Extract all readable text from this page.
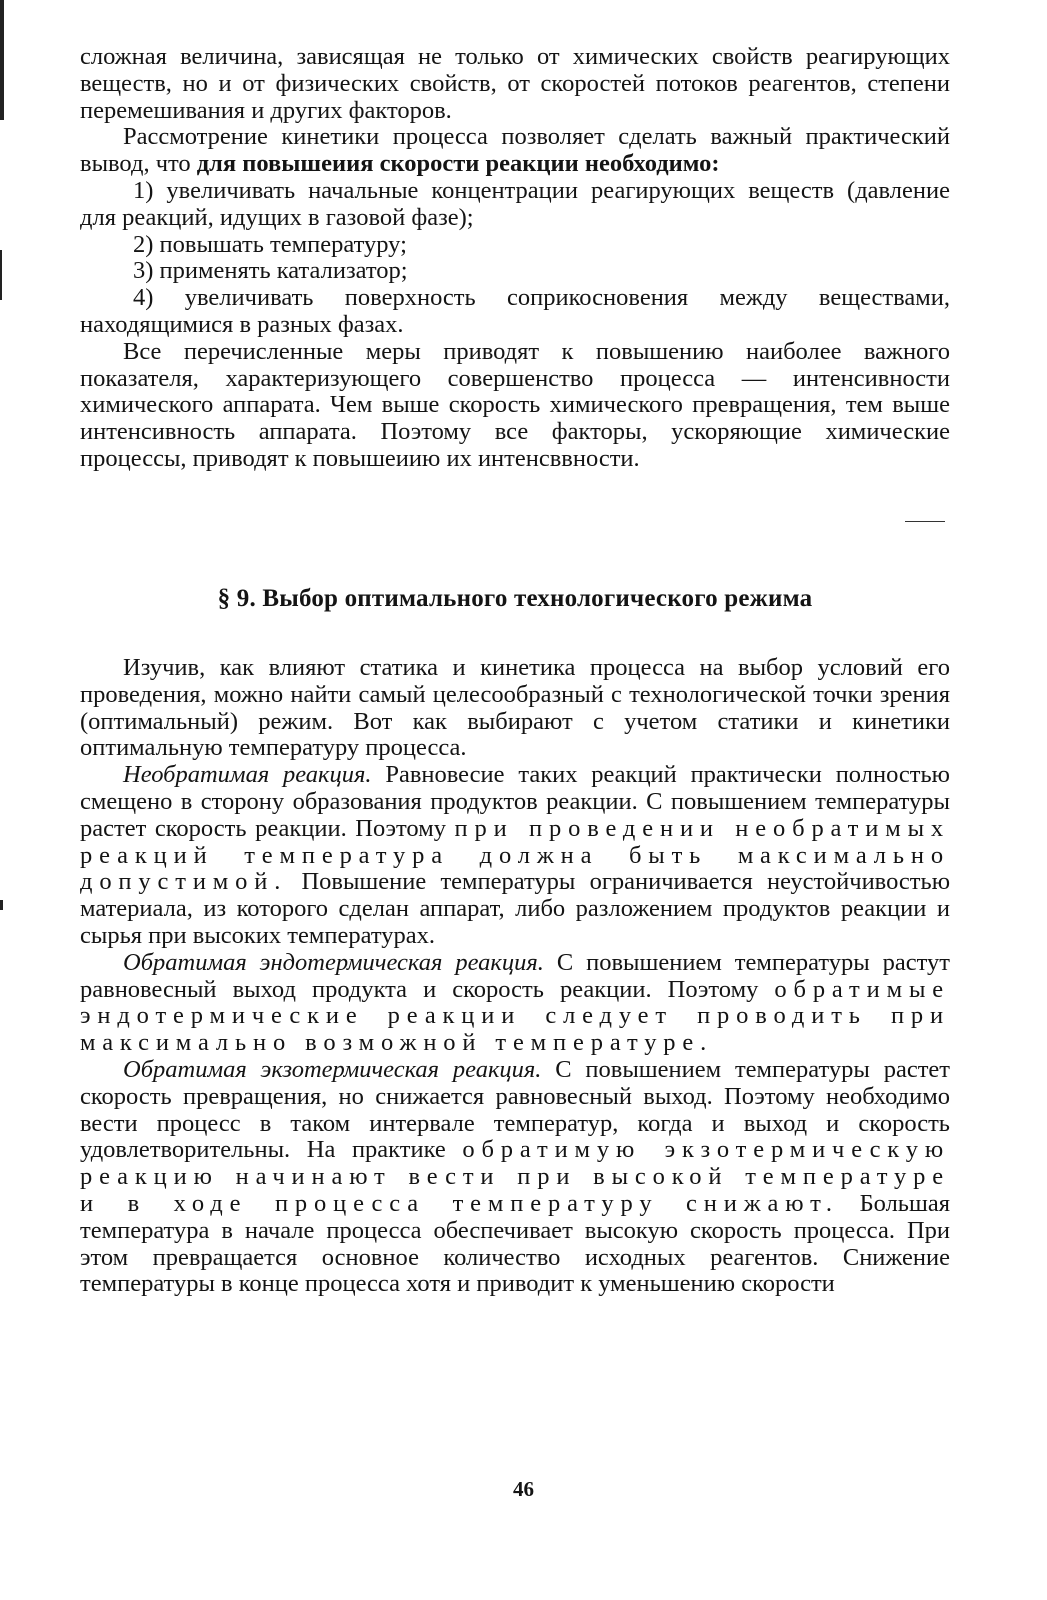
сложная величина, зависящая не только от химических свойств реагирующих веществ, но и от физических свойств, от скоростей потоков реагентов, степени перемешивания и других факторов.

Рассмотрение кинетики процесса позволяет сделать важный практический вывод, что для повышеиия скорости реакции необходимо:

1) увеличивать начальные концентрации реагирующих веществ (давление для реакций, идущих в газовой фазе);

2) повышать температуру;

3) применять катализатор;

4) увеличивать поверхность соприкосновения между веществами, находящимися в разных фазах.

Все перечисленные меры приводят к повышению наиболее важного показателя, характеризующего совершенство процесса — интенсивности химического аппарата. Чем выше скорость химического превращения, тем выше интенсивность аппарата. Поэтому все факторы, ускоряющие химические процессы, приводят к повышеиию их интенсввности.

§ 9. Выбор оптимального технологического режима

Изучив, как влияют статика и кинетика процесса на выбор условий его проведения, можно найти самый целесообразный с технологической точки зрения (оптимальный) режим. Вот как выбирают с учетом статики и кинетики оптимальную температуру процесса.

Необратимая реакция. Равновесие таких реакций практически полностью смещено в сторону образования продуктов реакции. С повышением температуры растет скорость реакции. Поэтому при проведении необратимых реакций температура должна быть максимально допустимой. Повышение температуры ограничивается неустойчивостью материала, из которого сделан аппарат, либо разложением продуктов реакции и сырья при высоких температурах.

Обратимая эндотермическая реакция. С повышением температуры растут равновесный выход продукта и скорость реакции. Поэтому обратимые эндотермические реакции следует проводить при максимально возможной температуре.

Обратимая экзотермическая реакция. С повышением температуры растет скорость превращения, но снижается равновесный выход. Поэтому необходимо вести процесс в таком интервале температур, когда и выход и скорость удовлетворительны. На практике обратимую экзотермическую реакцию начинают вести при высокой температуре и в ходе процесса температуру снижают. Большая температура в начале процесса обеспечивает высокую скорость процесса. При этом превращается основное количество исходных реагентов. Снижение температуры в конце процесса хотя и приводит к уменьшению скорости

46
